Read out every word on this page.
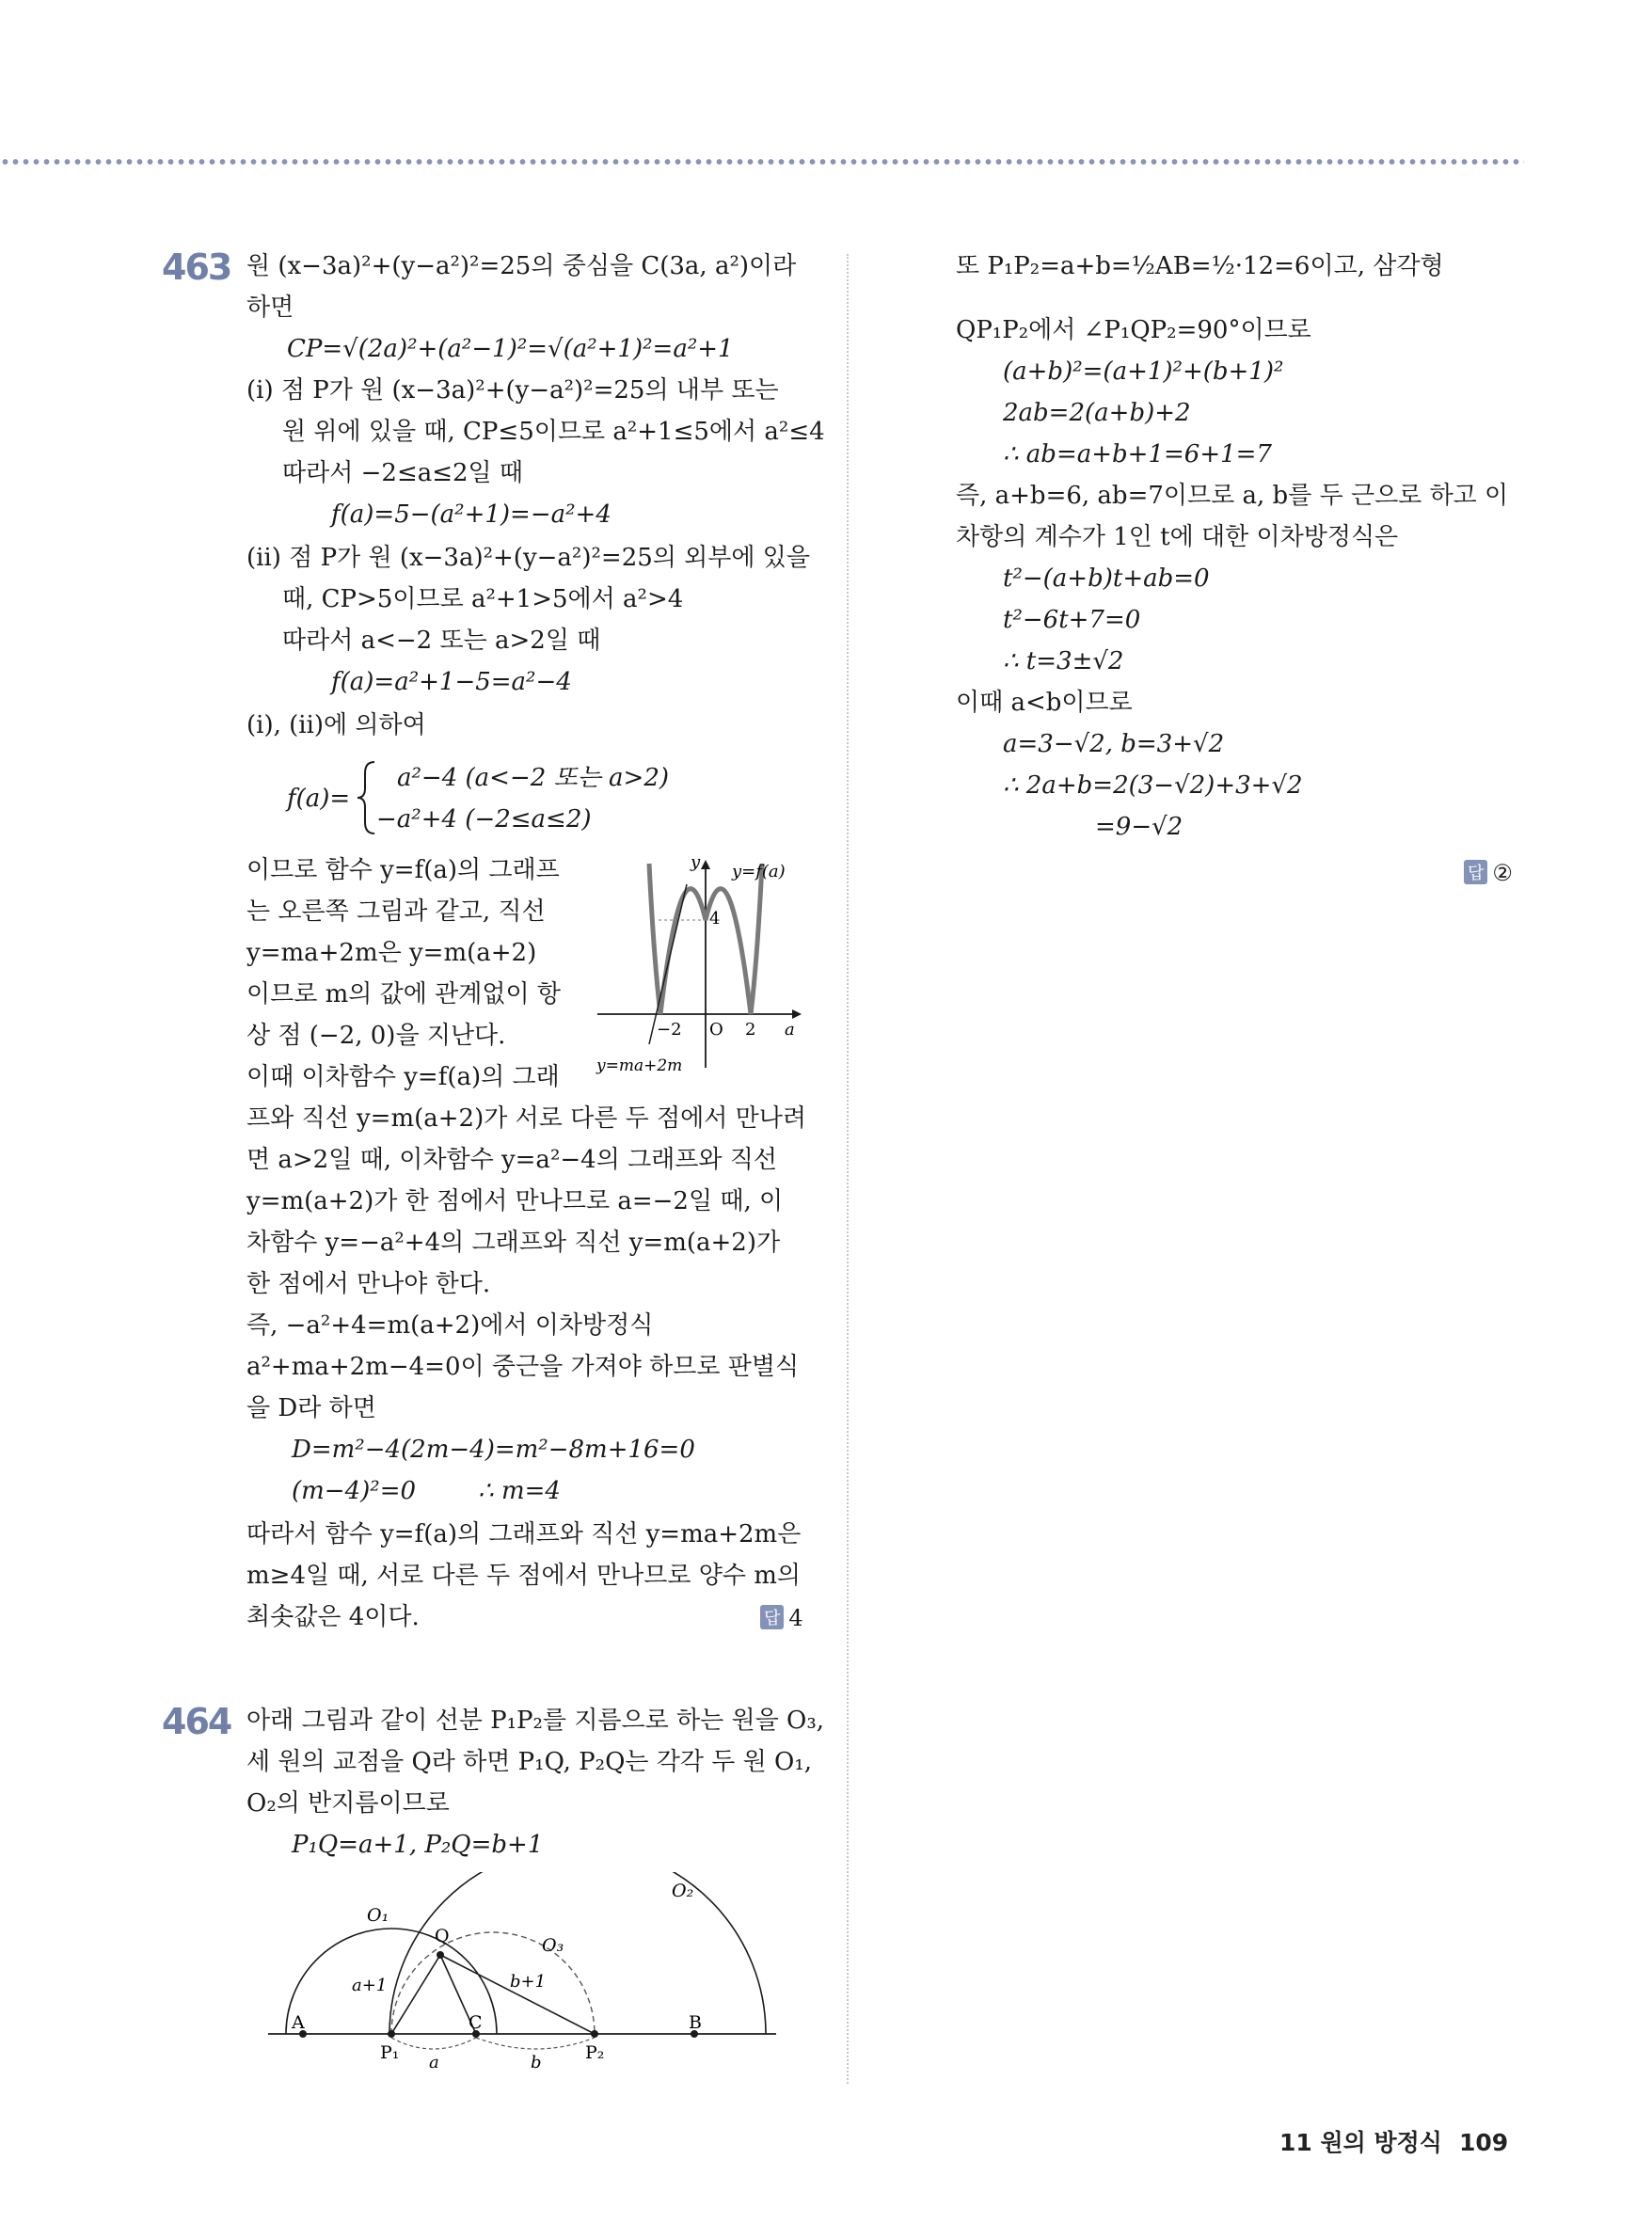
463 원 (x−3a)²+(y−a²)²=25의 중심을 C(3a, a²)이라
하면
CP=√(2a)²+(a²−1)²=√(a²+1)²=a²+1
(ⅰ) 점 P가 원 (x−3a)²+(y−a²)²=25의 내부 또는
원 위에 있을 때, CP≤5이므로 a²+1≤5에서 a²≤4
따라서 −2≤a≤2일 때
f(a)=5−(a²+1)=−a²+4
(ⅱ) 점 P가 원 (x−3a)²+(y−a²)²=25의 외부에 있을
때, CP>5이므로 a²+1>5에서 a²>4
따라서 a<−2 또는 a>2일 때
f(a)=a²+1−5=a²−4
(ⅰ), (ⅱ)에 의하여
f(a)=
a²−4 (a<−2 또는 a>2)
−a²+4 (−2≤a≤2)
이므로 함수 y=f(a)의 그래프
는 오른쪽 그림과 같고, 직선
y=ma+2m은 y=m(a+2)
이므로 m의 값에 관계없이 항
상 점 (−2, 0)을 지난다.
이때 이차함수 y=f(a)의 그래
y y=f(a)
4
−2 O 2 a
y=ma+2m
프와 직선 y=m(a+2)가 서로 다른 두 점에서 만나려
면 a>2일 때, 이차함수 y=a²−4의 그래프와 직선
y=m(a+2)가 한 점에서 만나므로 a=−2일 때, 이
차함수 y=−a²+4의 그래프와 직선 y=m(a+2)가
한 점에서 만나야 한다.
즉, −a²+4=m(a+2)에서 이차방정식
a²+ma+2m−4=0이 중근을 가져야 하므로 판별식
을 D라 하면
D=m²−4(2m−4)=m²−8m+16=0
(m−4)²=0        ∴ m=4
따라서 함수 y=f(a)의 그래프와 직선 y=ma+2m은
m≥4일 때, 서로 다른 두 점에서 만나므로 양수 m의
최솟값은 4이다.	답 4
464 아래 그림과 같이 선분 P₁P₂를 지름으로 하는 원을 O₃,
세 원의 교점을 Q라 하면 P₁Q, P₂Q는 각각 두 원 O₁,
O₂의 반지름이므로
P₁Q=a+1, P₂Q=b+1
O₁
O₂
O₃
Q
A	C	B
P₁	P₂
a+1	b+1
a	b
또 P₁P₂=a+b=½AB=½·12=6이고, 삼각형
QP₁P₂에서 ∠P₁QP₂=90°이므로
(a+b)²=(a+1)²+(b+1)²
2ab=2(a+b)+2
∴ ab=a+b+1=6+1=7
즉, a+b=6, ab=7이므로 a, b를 두 근으로 하고 이
차항의 계수가 1인 t에 대한 이차방정식은
t²−(a+b)t+ab=0
t²−6t+7=0
∴ t=3±√2
이때 a<b이므로
a=3−√2, b=3+√2
∴ 2a+b=2(3−√2)+3+√2
=9−√2
답 ②
11 원의 방정식 109
